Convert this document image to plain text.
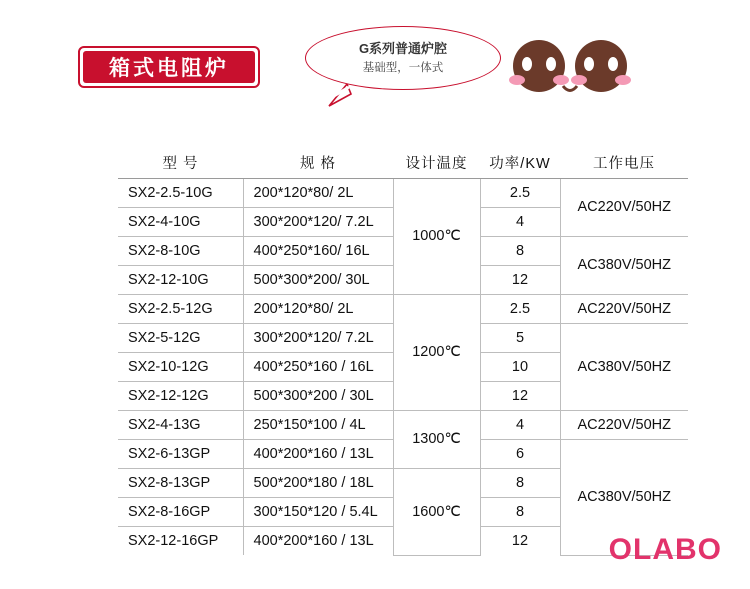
箱式电阻炉
G系列普通炉腔
基础型，一体式
型 号	规 格	设计温度	功率/KW	工作电压
SX2-2.5-10G	200*120*80/ 2L	1000℃	2.5	AC220V/50HZ
SX2-4-10G	300*200*120/ 7.2L		4	
SX2-8-10G	400*250*160/ 16L		8	AC380V/50HZ
SX2-12-10G	500*300*200/ 30L		12	
SX2-2.5-12G	200*120*80/ 2L	1200℃	2.5	AC220V/50HZ
SX2-5-12G	300*200*120/ 7.2L		5	AC380V/50HZ
SX2-10-12G	400*250*160 / 16L		10	
SX2-12-12G	500*300*200 / 30L		12	
SX2-4-13G	250*150*100 / 4L	1300℃	4	AC220V/50HZ
SX2-6-13GP	400*200*160 / 13L		6	AC380V/50HZ
SX2-8-13GP	500*200*180 / 18L	1600℃	8	
SX2-8-16GP	300*150*120 / 5.4L		8	
SX2-12-16GP	400*200*160 / 13L		12		OLABO
